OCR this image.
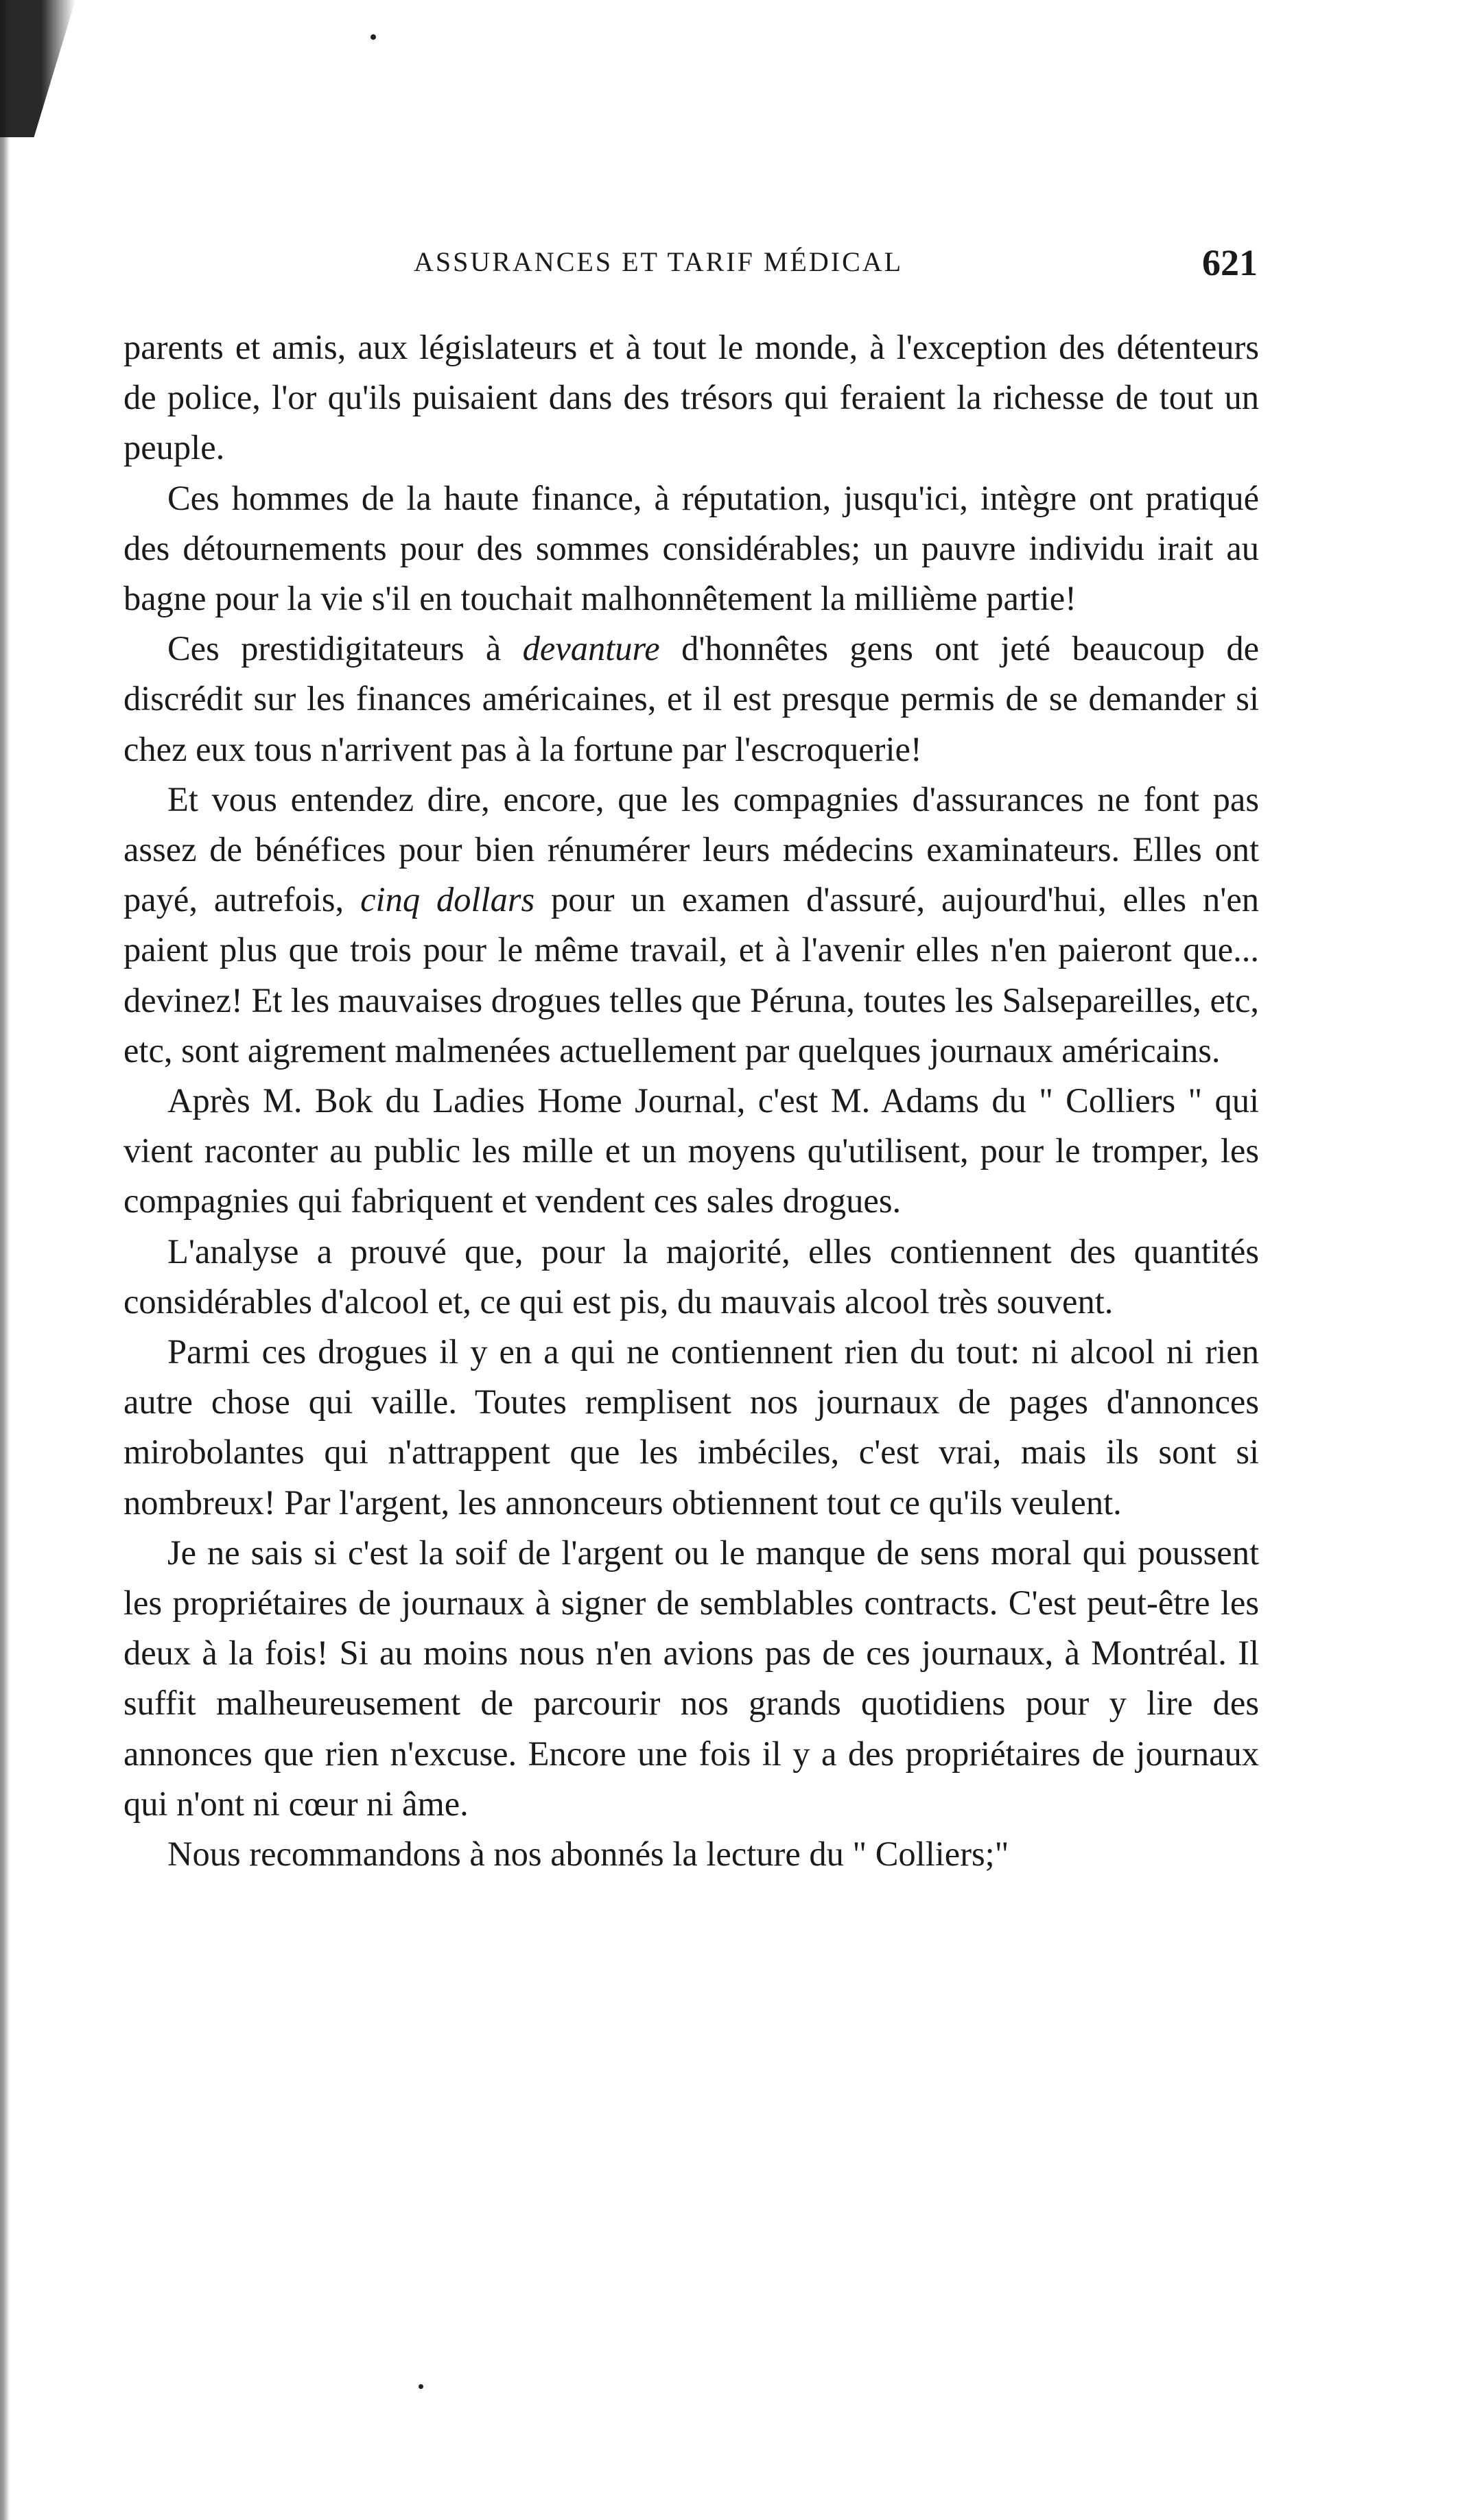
ASSURANCES ET TARIF MÉDICAL	621

parents et amis, aux législateurs et à tout le monde, à l'exception des détenteurs de police, l'or qu'ils puisaient dans des trésors qui feraient la richesse de tout un peuple.

Ces hommes de la haute finance, à réputation, jusqu'ici, intègre ont pratiqué des détournements pour des sommes considérables; un pauvre individu irait au bagne pour la vie s'il en touchait malhonnêtement la millième partie!

Ces prestidigitateurs à devanture d'honnêtes gens ont jeté beaucoup de discrédit sur les finances américaines, et il est presque permis de se demander si chez eux tous n'arrivent pas à la fortune par l'escroquerie!

Et vous entendez dire, encore, que les compagnies d'assurances ne font pas assez de bénéfices pour bien rénumérer leurs médecins examinateurs. Elles ont payé, autrefois, cinq dollars pour un examen d'assuré, aujourd'hui, elles n'en paient plus que trois pour le même travail, et à l'avenir elles n'en paieront que... devinez! Et les mauvaises drogues telles que Péruna, toutes les Salsepareilles, etc, etc, sont aigrement malmenées actuellement par quelques journaux américains.

Après M. Bok du Ladies Home Journal, c'est M. Adams du " Colliers " qui vient raconter au public les mille et un moyens qu'utilisent, pour le tromper, les compagnies qui fabriquent et vendent ces sales drogues.

L'analyse a prouvé que, pour la majorité, elles contiennent des quantités considérables d'alcool et, ce qui est pis, du mauvais alcool très souvent.

Parmi ces drogues il y en a qui ne contiennent rien du tout: ni alcool ni rien autre chose qui vaille. Toutes remplisent nos journaux de pages d'annonces mirobolantes qui n'attrappent que les imbéciles, c'est vrai, mais ils sont si nombreux! Par l'argent, les annonceurs obtiennent tout ce qu'ils veulent.

Je ne sais si c'est la soif de l'argent ou le manque de sens moral qui poussent les propriétaires de journaux à signer de semblables contracts. C'est peut-être les deux à la fois! Si au moins nous n'en avions pas de ces journaux, à Montréal. Il suffit malheureusement de parcourir nos grands quotidiens pour y lire des annonces que rien n'excuse. Encore une fois il y a des propriétaires de journaux qui n'ont ni cœur ni âme.

Nous recommandons à nos abonnés la lecture du " Colliers;"
